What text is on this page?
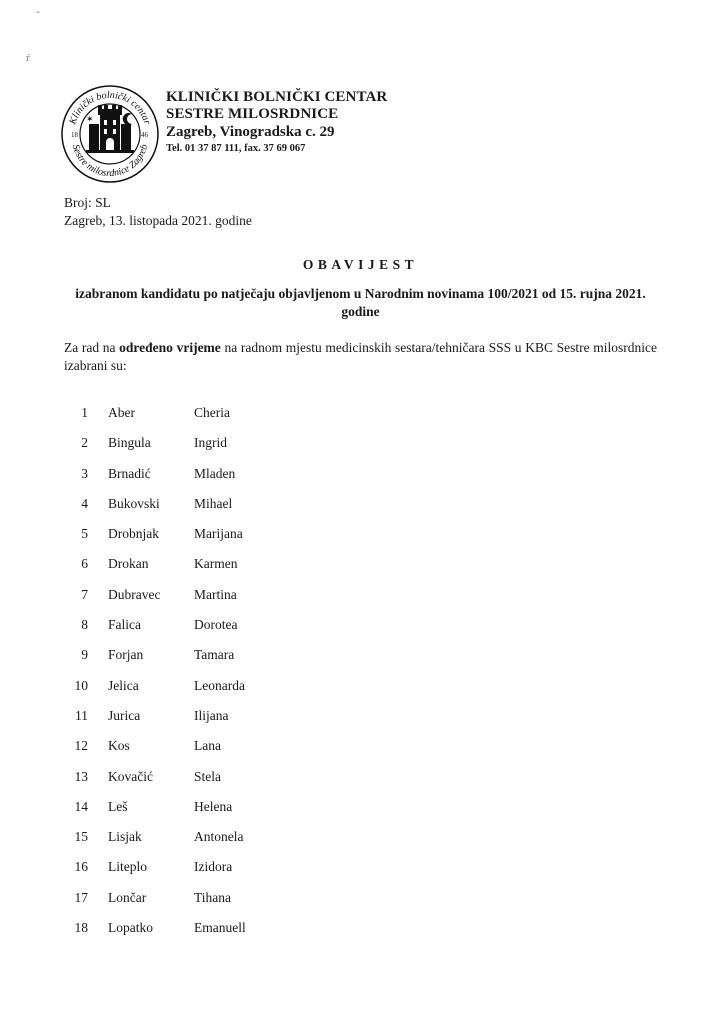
ˆ
ŕ
Klinički bolnički centar
Sestre milosrdnice Zagreb
18	46
✶
KLINIČKI BOLNIČKI CENTAR
SESTRE MILOSRDNICE
Zagreb, Vinogradska c. 29
Tel. 01 37 87 111, fax. 37 69 067
Broj: SL
Zagreb, 13. listopada 2021. godine
OBAVIJEST
izabranom kandidatu po natječaju objavljenom u Narodnim novinama 100/2021 od 15. rujna 2021. godine
Za rad na određeno vrijeme na radnom mjestu medicinskih sestara/tehničara SSS u KBC Sestre milosrdnice izabrani su:
1 Aber	Cheria
2 Bingula	Ingrid
3 Brnadić	Mladen
4 Bukovski	Mihael
5 Drobnjak	Marijana
6 Drokan	Karmen
7 Dubravec Martina
8 Falica	Dorotea
9 Forjan	Tamara
10 Jelica	Leonarda
11 Jurica	Ilijana
12 Kos	Lana
13 Kovačić	Stela
14 Leš	Helena
15 Lisjak	Antonela
16 Liteplo	Izidora
17 Lončar	Tihana
18 Lopatko	Emanuell
